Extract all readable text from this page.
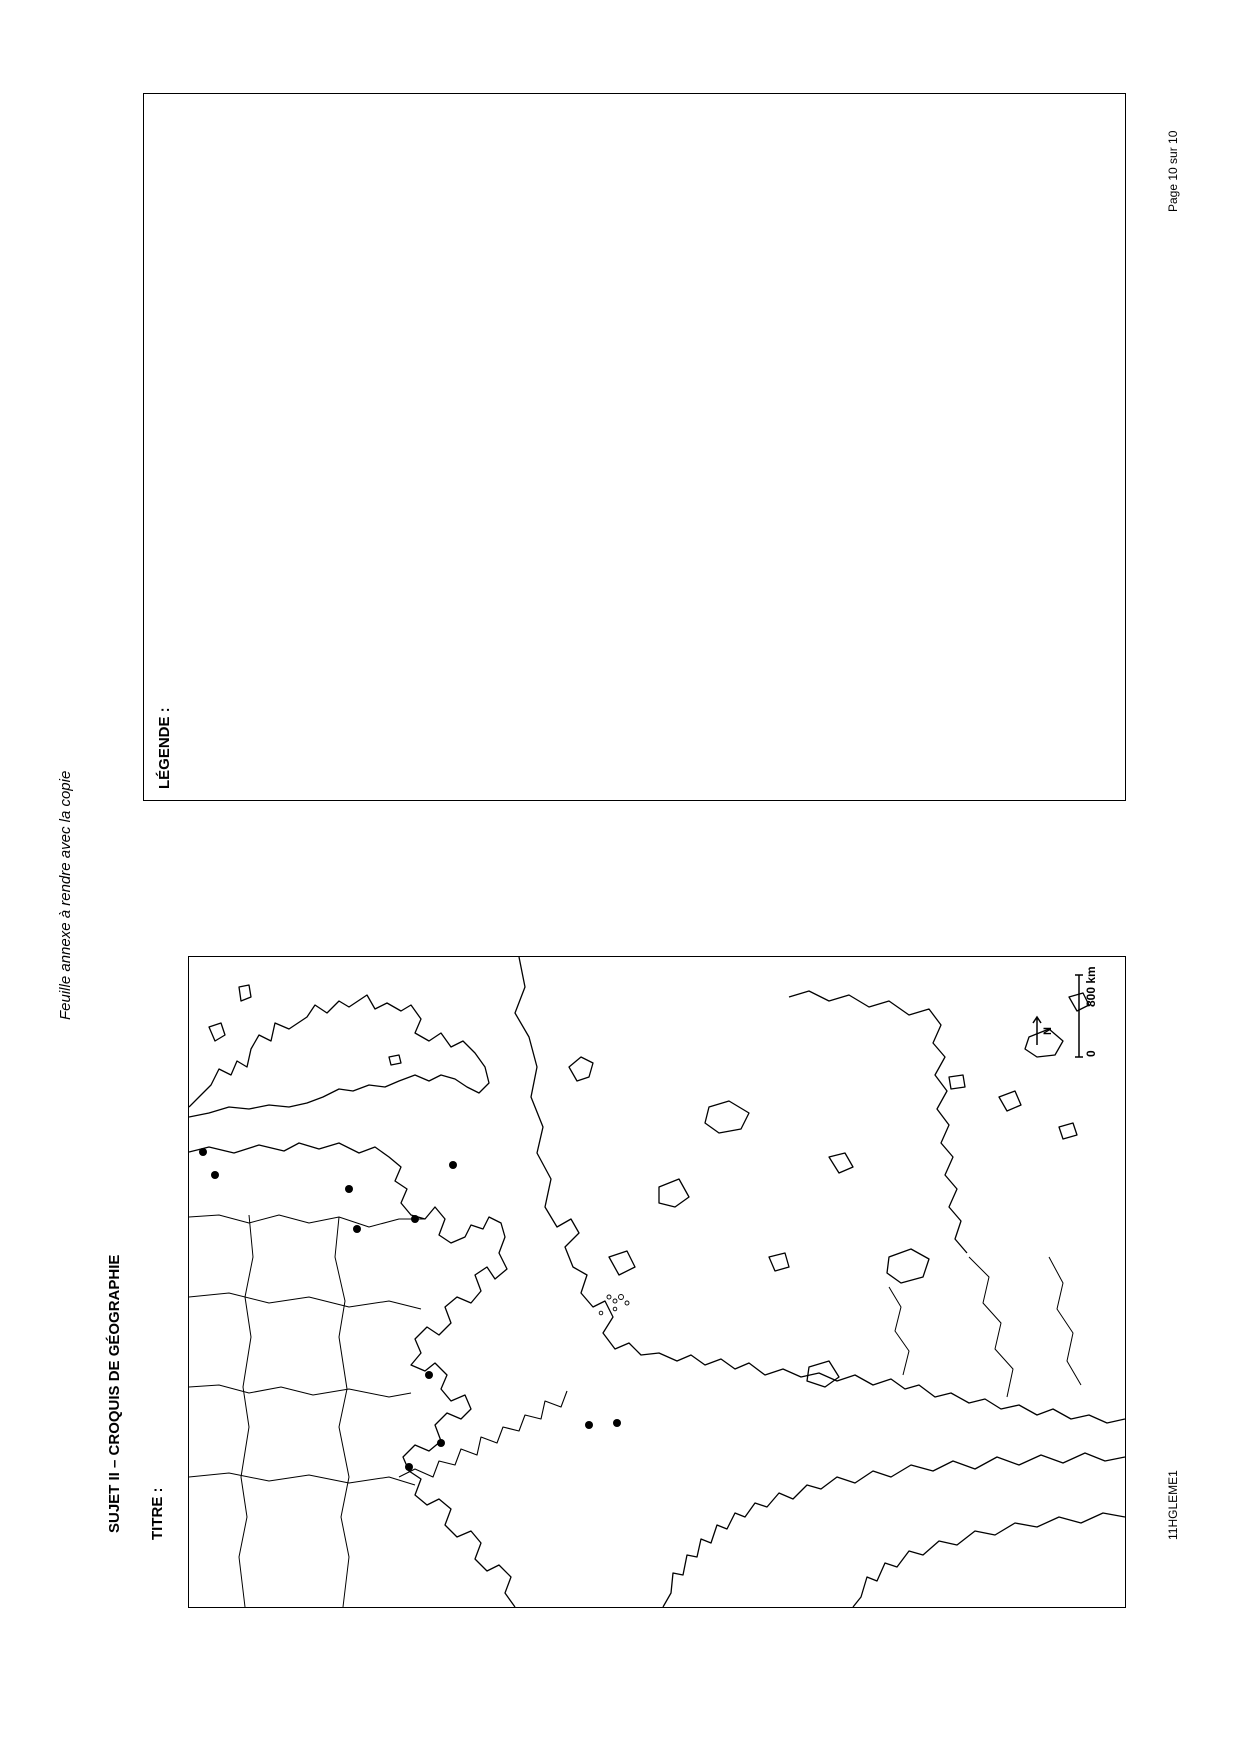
Feuille annexe à rendre avec la copie
SUJET II – CROQUIS DE GÉOGRAPHIE TITRE :	11HGLEME1
Page 10 sur 10
LÉGENDE :
0
800 km
N
